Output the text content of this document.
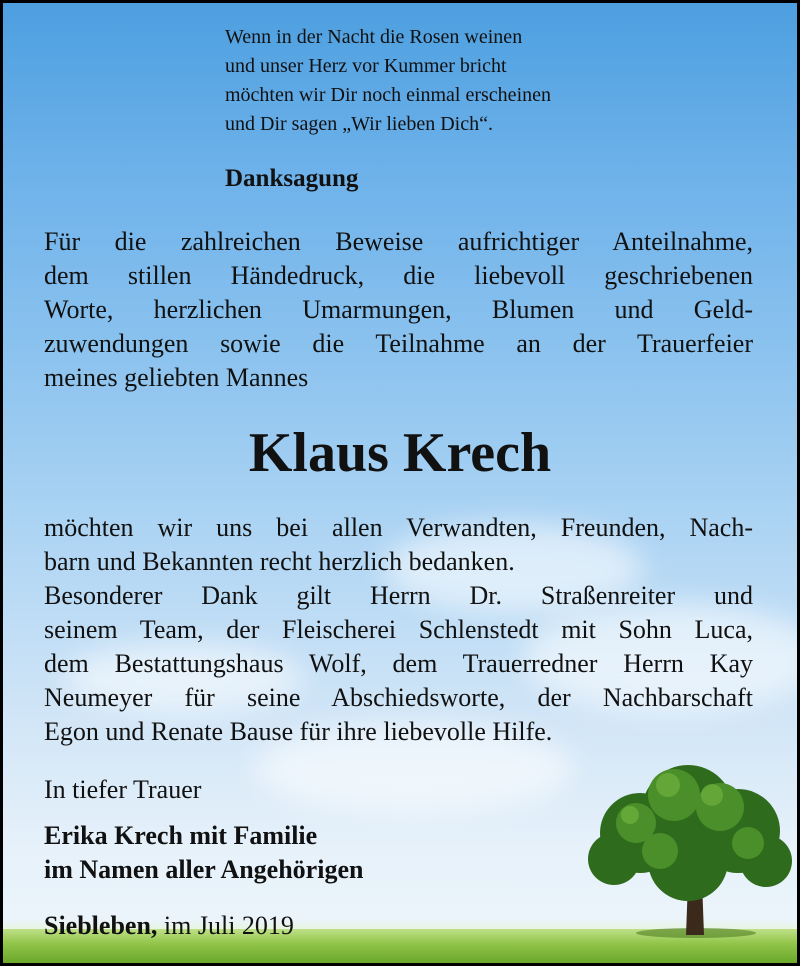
Wenn in der Nacht die Rosen weinen
und unser Herz vor Kummer bricht
möchten wir Dir noch einmal erscheinen
und Dir sagen „Wir lieben Dich“.
Danksagung
Für die zahlreichen Beweise aufrichtiger Anteilnahme,
dem stillen Händedruck, die liebevoll geschriebenen
Worte, herzlichen Umarmungen, Blumen und Geld-
zuwendungen sowie die Teilnahme an der Trauerfeier
meines geliebten Mannes
Klaus Krech
möchten wir uns bei allen Verwandten, Freunden, Nach-
barn und Bekannten recht herzlich bedanken.
Besonderer Dank gilt Herrn Dr. Straßenreiter und
seinem Team, der Fleischerei Schlenstedt mit Sohn Luca,
dem Bestattungshaus Wolf, dem Trauerredner Herrn Kay
Neumeyer für seine Abschiedsworte, der Nachbarschaft
Egon und Renate Bause für ihre liebevolle Hilfe.
In tiefer Trauer
Erika Krech mit Familie
im Namen aller Angehörigen
Siebleben, im Juli 2019
